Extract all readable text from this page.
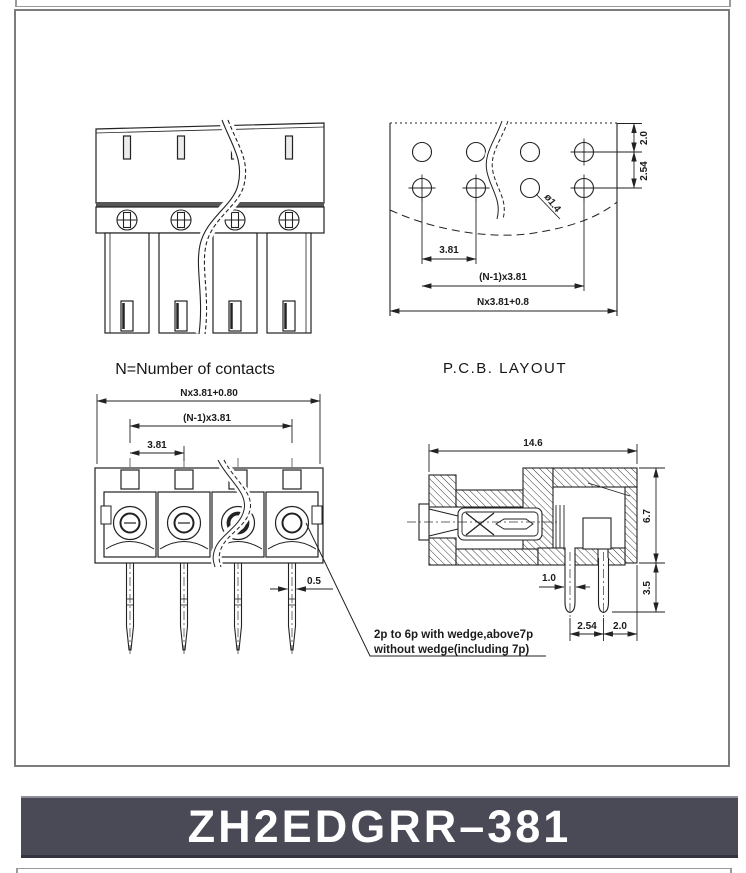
3.81
(N-1)x3.81
Nx3.81+0.8
2.0
2.54
ø1.4
N=Number of contacts	P.C.B. LAYOUT
Nx3.81+0.80
(N-1)x3.81
3.81
0.5
2p to 6p with wedge,above7p
without wedge(including 7p)
14.6
6.7
3.5
1.0
2.54 2.0
ZH2EDGRR–381
